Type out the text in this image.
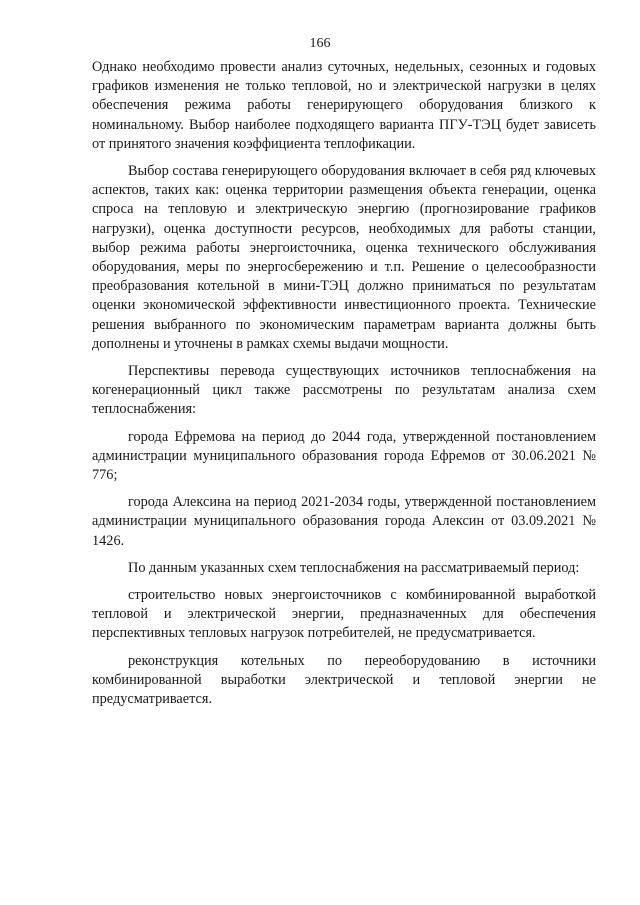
166

Однако необходимо провести анализ суточных, недельных, сезонных и годовых графиков изменения не только тепловой, но и электрической нагрузки в целях обеспечения режима работы генерирующего оборудования близкого к номинальному. Выбор наиболее подходящего варианта ПГУ-ТЭЦ будет зависеть от принятого значения коэффициента теплофикации.

Выбор состава генерирующего оборудования включает в себя ряд ключевых аспектов, таких как: оценка территории размещения объекта генерации, оценка спроса на тепловую и электрическую энергию (прогнозирование графиков нагрузки), оценка доступности ресурсов, необходимых для работы станции, выбор режима работы энергоисточника, оценка технического обслуживания оборудования, меры по энергосбережению и т.п. Решение о целесообразности преобразования котельной в мини-ТЭЦ должно приниматься по результатам оценки экономической эффективности инвестиционного проекта. Технические решения выбранного по экономическим параметрам варианта должны быть дополнены и уточнены в рамках схемы выдачи мощности.

Перспективы перевода существующих источников теплоснабжения на когенерационный цикл также рассмотрены по результатам анализа схем теплоснабжения:

города Ефремова на период до 2044 года, утвержденной постановлением администрации муниципального образования города Ефремов от 30.06.2021 № 776;

города Алексина на период 2021-2034 годы, утвержденной постановлением администрации муниципального образования города Алексин от 03.09.2021 № 1426.

По данным указанных схем теплоснабжения на рассматриваемый период:

строительство новых энергоисточников с комбинированной выработкой тепловой и электрической энергии, предназначенных для обеспечения перспективных тепловых нагрузок потребителей, не предусматривается.

реконструкция котельных по переоборудованию в источники комбинированной выработки электрической и тепловой энергии не предусматривается.
